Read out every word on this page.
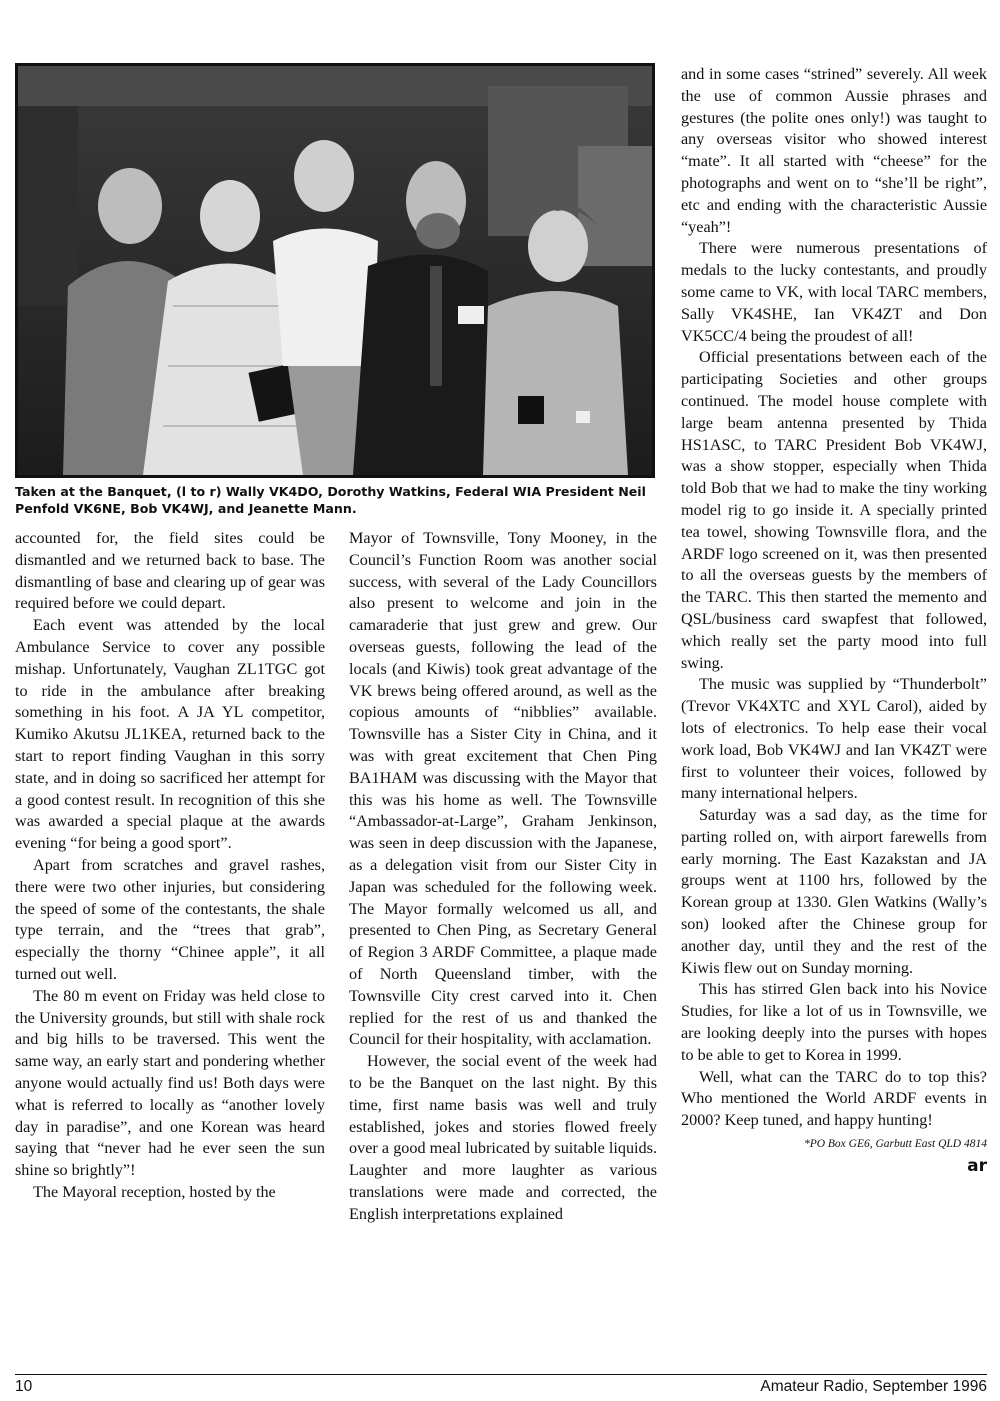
Taken at the Banquet, (l to r) Wally VK4DO, Dorothy Watkins, Federal WIA President Neil Penfold VK6NE, Bob VK4WJ, and Jeanette Mann.

accounted for, the field sites could be dismantled and we returned back to base. The dismantling of base and clearing up of gear was required before we could depart.

Each event was attended by the local Ambulance Service to cover any possible mishap. Unfortunately, Vaughan ZL1TGC got to ride in the ambulance after breaking something in his foot. A JA YL competitor, Kumiko Akutsu JL1KEA, returned back to the start to report finding Vaughan in this sorry state, and in doing so sacrificed her attempt for a good contest result. In recognition of this she was awarded a special plaque at the awards evening “for being a good sport”.

Apart from scratches and gravel rashes, there were two other injuries, but considering the speed of some of the contestants, the shale type terrain, and the “trees that grab”, especially the thorny “Chinee apple”, it all turned out well.

The 80 m event on Friday was held close to the University grounds, but still with shale rock and big hills to be traversed. This went the same way, an early start and pondering whether anyone would actually find us! Both days were what is referred to locally as “another lovely day in paradise”, and one Korean was heard saying that “never had he ever seen the sun shine so brightly”!

The Mayoral reception, hosted by the

Mayor of Townsville, Tony Mooney, in the Council’s Function Room was another social success, with several of the Lady Councillors also present to welcome and join in the camaraderie that just grew and grew. Our overseas guests, following the lead of the locals (and Kiwis) took great advantage of the VK brews being offered around, as well as the copious amounts of “nibblies” available. Townsville has a Sister City in China, and it was with great excitement that Chen Ping BA1HAM was discussing with the Mayor that this was his home as well. The Townsville “Ambassador-at-Large”, Graham Jenkinson, was seen in deep discussion with the Japanese, as a delegation visit from our Sister City in Japan was scheduled for the following week. The Mayor formally welcomed us all, and presented to Chen Ping, as Secretary General of Region 3 ARDF Committee, a plaque made of North Queensland timber, with the Townsville City crest carved into it. Chen replied for the rest of us and thanked the Council for their hospitality, with acclamation.

However, the social event of the week had to be the Banquet on the last night. By this time, first name basis was well and truly established, jokes and stories flowed freely over a good meal lubricated by suitable liquids. Laughter and more laughter as various translations were made and corrected, the English interpretations explained

and in some cases “strined” severely. All week the use of common Aussie phrases and gestures (the polite ones only!) was taught to any overseas visitor who showed interest “mate”. It all started with “cheese” for the photographs and went on to “she’ll be right”, etc and ending with the characteristic Aussie “yeah”!

There were numerous presentations of medals to the lucky contestants, and proudly some came to VK, with local TARC members, Sally VK4SHE, Ian VK4ZT and Don VK5CC/4 being the proudest of all!

Official presentations between each of the participating Societies and other groups continued. The model house complete with large beam antenna presented by Thida HS1ASC, to TARC President Bob VK4WJ, was a show stopper, especially when Thida told Bob that we had to make the tiny working model rig to go inside it. A specially printed tea towel, showing Townsville flora, and the ARDF logo screened on it, was then presented to all the overseas guests by the members of the TARC. This then started the memento and QSL/business card swapfest that followed, which really set the party mood into full swing.

The music was supplied by “Thunderbolt” (Trevor VK4XTC and XYL Carol), aided by lots of electronics. To help ease their vocal work load, Bob VK4WJ and Ian VK4ZT were first to volunteer their voices, followed by many international helpers.

Saturday was a sad day, as the time for parting rolled on, with airport farewells from early morning. The East Kazakstan and JA groups went at 1100 hrs, followed by the Korean group at 1330. Glen Watkins (Wally’s son) looked after the Chinese group for another day, until they and the rest of the Kiwis flew out on Sunday morning.

This has stirred Glen back into his Novice Studies, for like a lot of us in Townsville, we are looking deeply into the purses with hopes to be able to get to Korea in 1999.

Well, what can the TARC do to top this? Who mentioned the World ARDF events in 2000? Keep tuned, and happy hunting!

*PO Box GE6, Garbutt East QLD 4814
ar
10	Amateur Radio, September 1996
